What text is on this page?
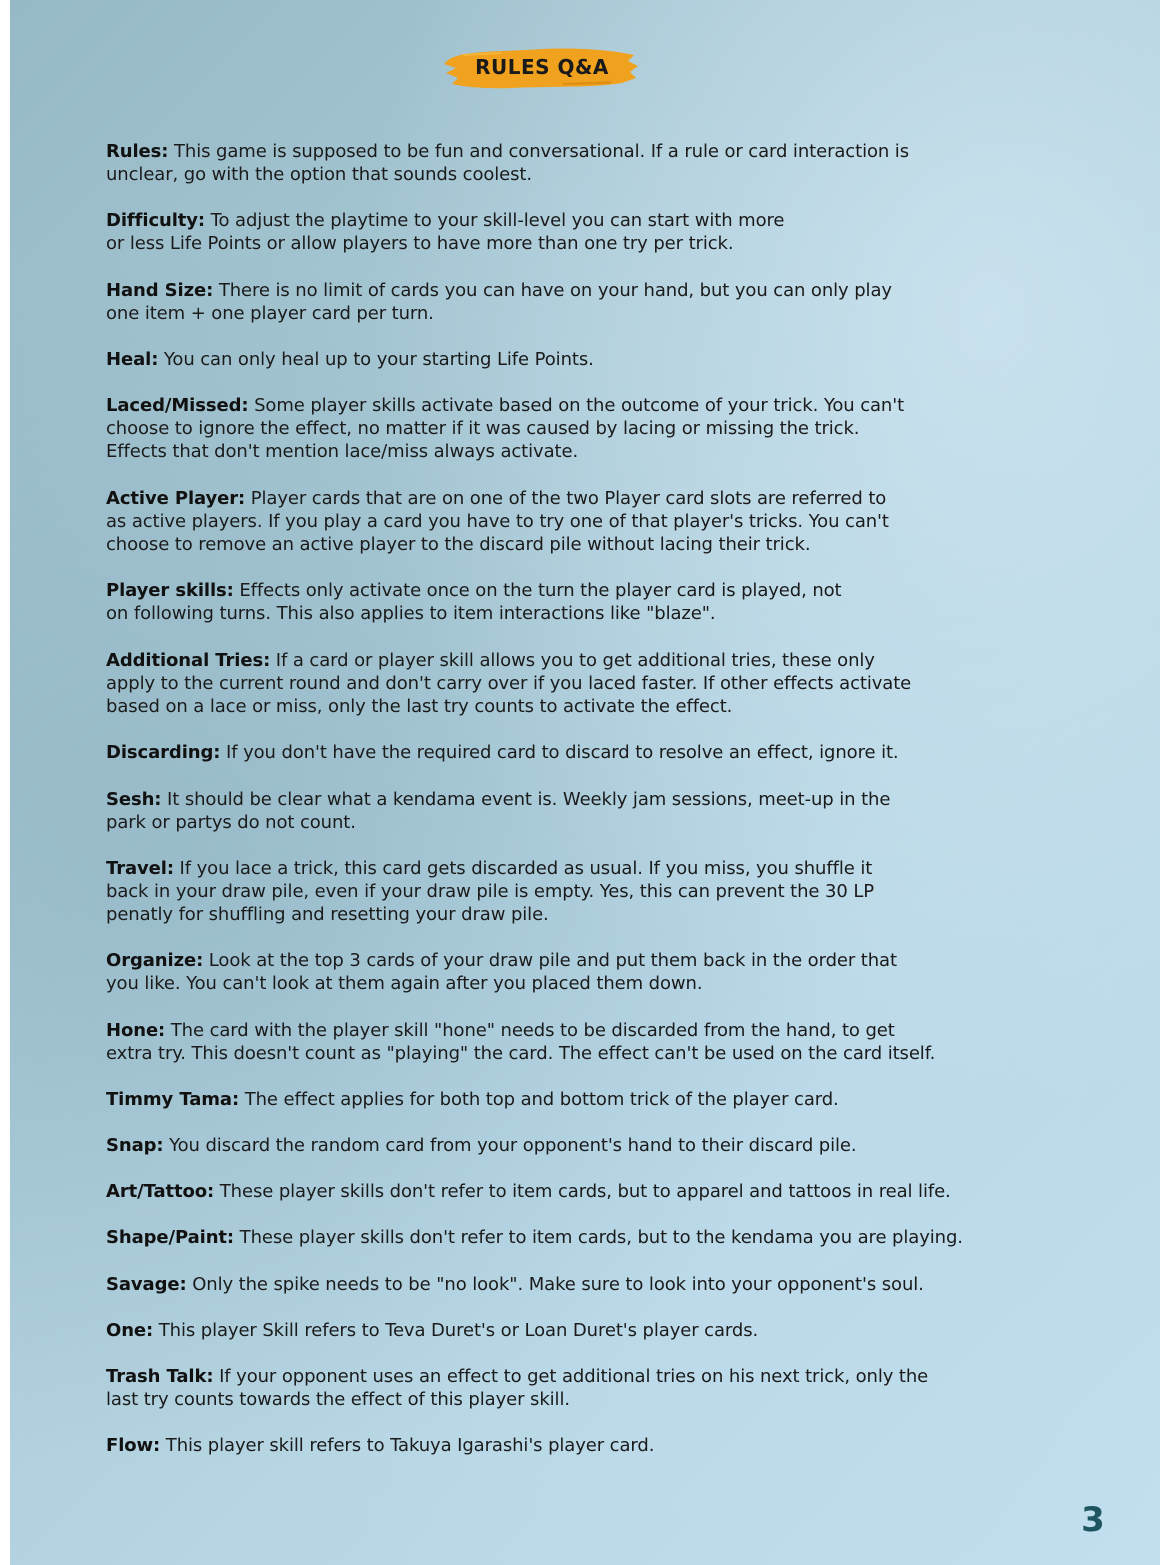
RULES Q&A

Rules: This game is supposed to be fun and conversational. If a rule or card interaction is

unclear, go with the option that sounds coolest.

Difficulty: To adjust the playtime to your skill-level you can start with more

or less Life Points or allow players to have more than one try per trick.

Hand Size: There is no limit of cards you can have on your hand, but you can only play

one item + one player card per turn.

Heal: You can only heal up to your starting Life Points.

Laced/Missed: Some player skills activate based on the outcome of your trick. You can't

choose to ignore the effect, no matter if it was caused by lacing or missing the trick.

Effects that don't mention lace/miss always activate.

Active Player: Player cards that are on one of the two Player card slots are referred to

as active players. If you play a card you have to try one of that player's tricks. You can't

choose to remove an active player to the discard pile without lacing their trick.

Player skills: Effects only activate once on the turn the player card is played, not

on following turns. This also applies to item interactions like "blaze".

Additional Tries: If a card or player skill allows you to get additional tries, these only

apply to the current round and don't carry over if you laced faster. If other effects activate

based on a lace or miss, only the last try counts to activate the effect.

Discarding: If you don't have the required card to discard to resolve an effect, ignore it.

Sesh: It should be clear what a kendama event is. Weekly jam sessions, meet-up in the

park or partys do not count.

Travel: If you lace a trick, this card gets discarded as usual. If you miss, you shuffle it

back in your draw pile, even if your draw pile is empty. Yes, this can prevent the 30 LP

penatly for shuffling and resetting your draw pile.

Organize: Look at the top 3 cards of your draw pile and put them back in the order that

you like. You can't look at them again after you placed them down.

Hone: The card with the player skill "hone" needs to be discarded from the hand, to get

extra try. This doesn't count as "playing" the card. The effect can't be used on the card itself.

Timmy Tama: The effect applies for both top and bottom trick of the player card.

Snap: You discard the random card from your opponent's hand to their discard pile.

Art/Tattoo: These player skills don't refer to item cards, but to apparel and tattoos in real life.

Shape/Paint: These player skills don't refer to item cards, but to the kendama you are playing.

Savage: Only the spike needs to be "no look". Make sure to look into your opponent's soul.

One: This player Skill refers to Teva Duret's or Loan Duret's player cards.

Trash Talk: If your opponent uses an effect to get additional tries on his next trick, only the

last try counts towards the effect of this player skill.

Flow: This player skill refers to Takuya Igarashi's player card.

3
